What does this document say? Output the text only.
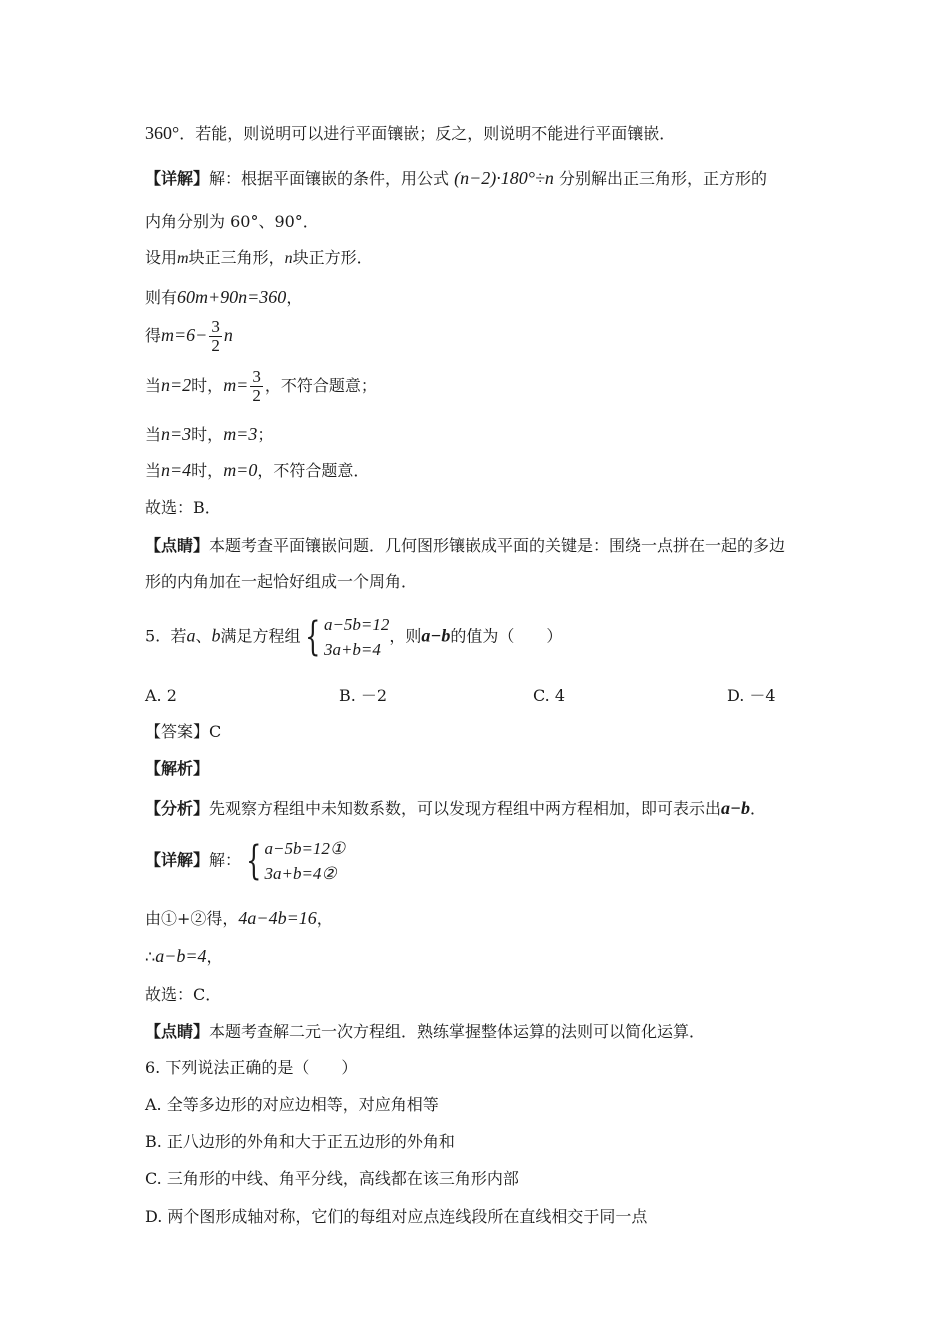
360°．若能，则说明可以进行平面镶嵌；反之，则说明不能进行平面镶嵌．
【详解】解：根据平面镶嵌的条件，用公式 (n−2)·180°÷n 分别解出正三角形，正方形的
内角分别为 60°、90°．
设用m块正三角形，n块正方形．
则有60m+90n=360，
得$m=6- \frac{3}{2}$ n
当n=2时，$m= \frac{3}{2}$ ，不符合题意；
当n=3时，m=3；
当n=4时，m=0，不符合题意．
故选：B．
【点睛】本题考查平面镶嵌问题．几何图形镶嵌成平面的关键是：围绕一点拼在一起的多边
形的内角加在一起恰好组成一个周角．
5. 若a、b满足方程组 { a−5b=12
3a+b=4
，则a−b的值为（　　）
A. 2	B. －2	C. 4	D. －4
【答案】C
【解析】
【分析】先观察方程组中未知数系数，可以发现方程组中两方程相加，即可表示出a−b．
【详解】解： { a−5b=12①
3a+b=4②
由①+②得，4a−4b=16，
∴a−b=4，
故选：C．
【点睛】本题考查解二元一次方程组．熟练掌握整体运算的法则可以简化运算．
6. 下列说法正确的是（　　）
A. 全等多边形的对应边相等，对应角相等
B. 正八边形的外角和大于正五边形的外角和
C. 三角形的中线、角平分线，高线都在该三角形内部
D. 两个图形成轴对称，它们的每组对应点连线段所在直线相交于同一点
